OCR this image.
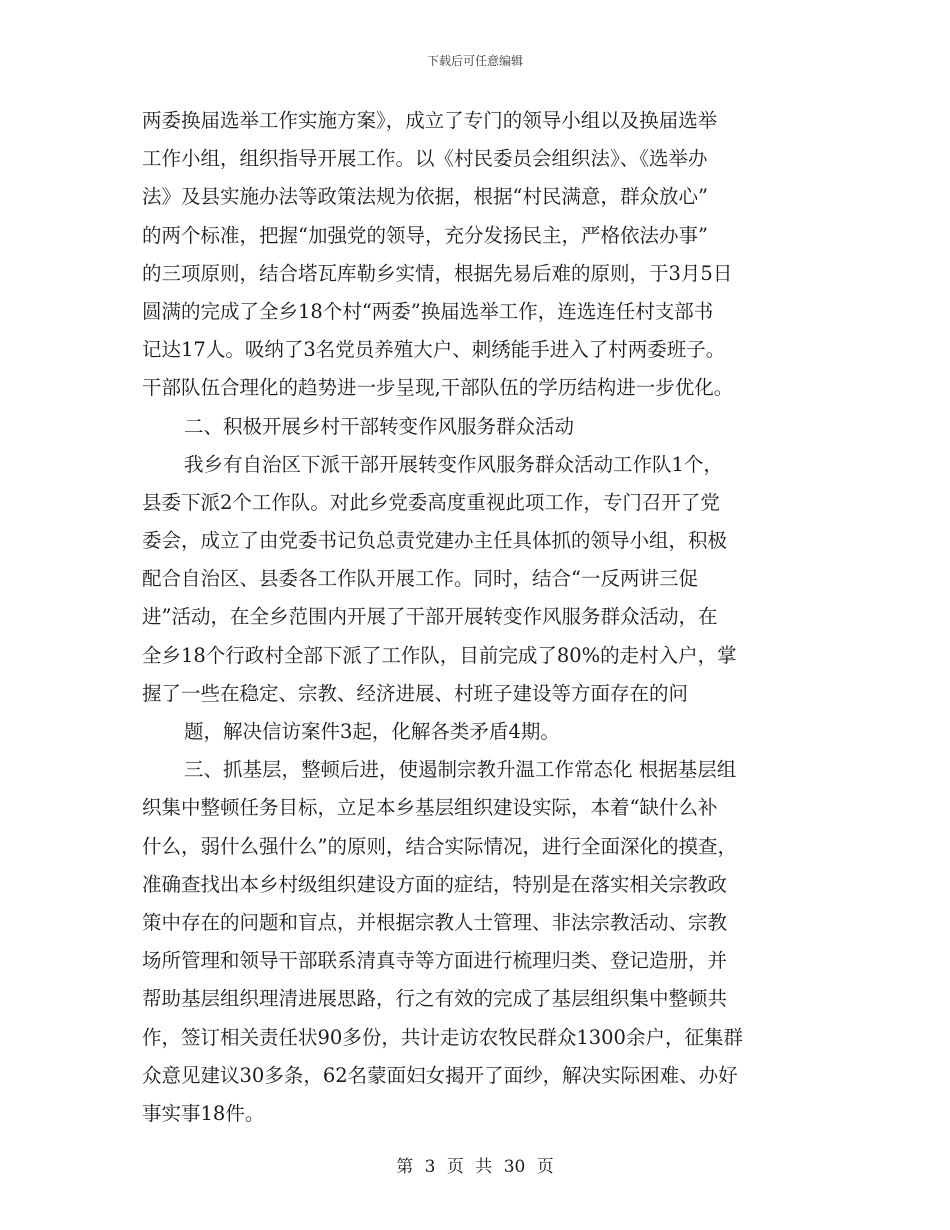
下载后可任意编辑
两委换届选举工作实施方案》，成立了专门的领导小组以及换届选举
工作小组，组织指导开展工作。以《村民委员会组织法》、《选举办
法》及县实施办法等政策法规为依据，根据“村民满意，群众放心”
的两个标准，把握“加强党的领导，充分发扬民主，严格依法办事”
的三项原则，结合塔瓦库勒乡实情，根据先易后难的原则，于3月5日
圆满的完成了全乡18个村“两委”换届选举工作，连选连任村支部书
记达17人。吸纳了3名党员养殖大户、刺绣能手进入了村两委班子。
干部队伍合理化的趋势进一步呈现,干部队伍的学历结构进一步优化。
二、积极开展乡村干部转变作风服务群众活动
我乡有自治区下派干部开展转变作风服务群众活动工作队1个，
县委下派2个工作队。对此乡党委高度重视此项工作，专门召开了党
委会，成立了由党委书记负总责党建办主任具体抓的领导小组，积极
配合自治区、县委各工作队开展工作。同时，结合“一反两讲三促
进”活动，在全乡范围内开展了干部开展转变作风服务群众活动，在
全乡18个行政村全部下派了工作队，目前完成了80%的走村入户，掌
握了一些在稳定、宗教、经济进展、村班子建设等方面存在的问
题，解决信访案件3起，化解各类矛盾4期。
三、抓基层，整顿后进，使遏制宗教升温工作常态化 根据基层组
织集中整顿任务目标，立足本乡基层组织建设实际，本着“缺什么补
什么，弱什么强什么”的原则，结合实际情况，进行全面深化的摸查，
准确查找出本乡村级组织建设方面的症结，特别是在落实相关宗教政
策中存在的问题和盲点，并根据宗教人士管理、非法宗教活动、宗教
场所管理和领导干部联系清真寺等方面进行梳理归类、登记造册，并
帮助基层组织理清进展思路，行之有效的完成了基层组织集中整顿共
作，签订相关责任状90多份，共计走访农牧民群众1300余户，征集群
众意见建议30多条，62名蒙面妇女揭开了面纱，解决实际困难、办好
事实事18件。
第 3 页 共 30 页
